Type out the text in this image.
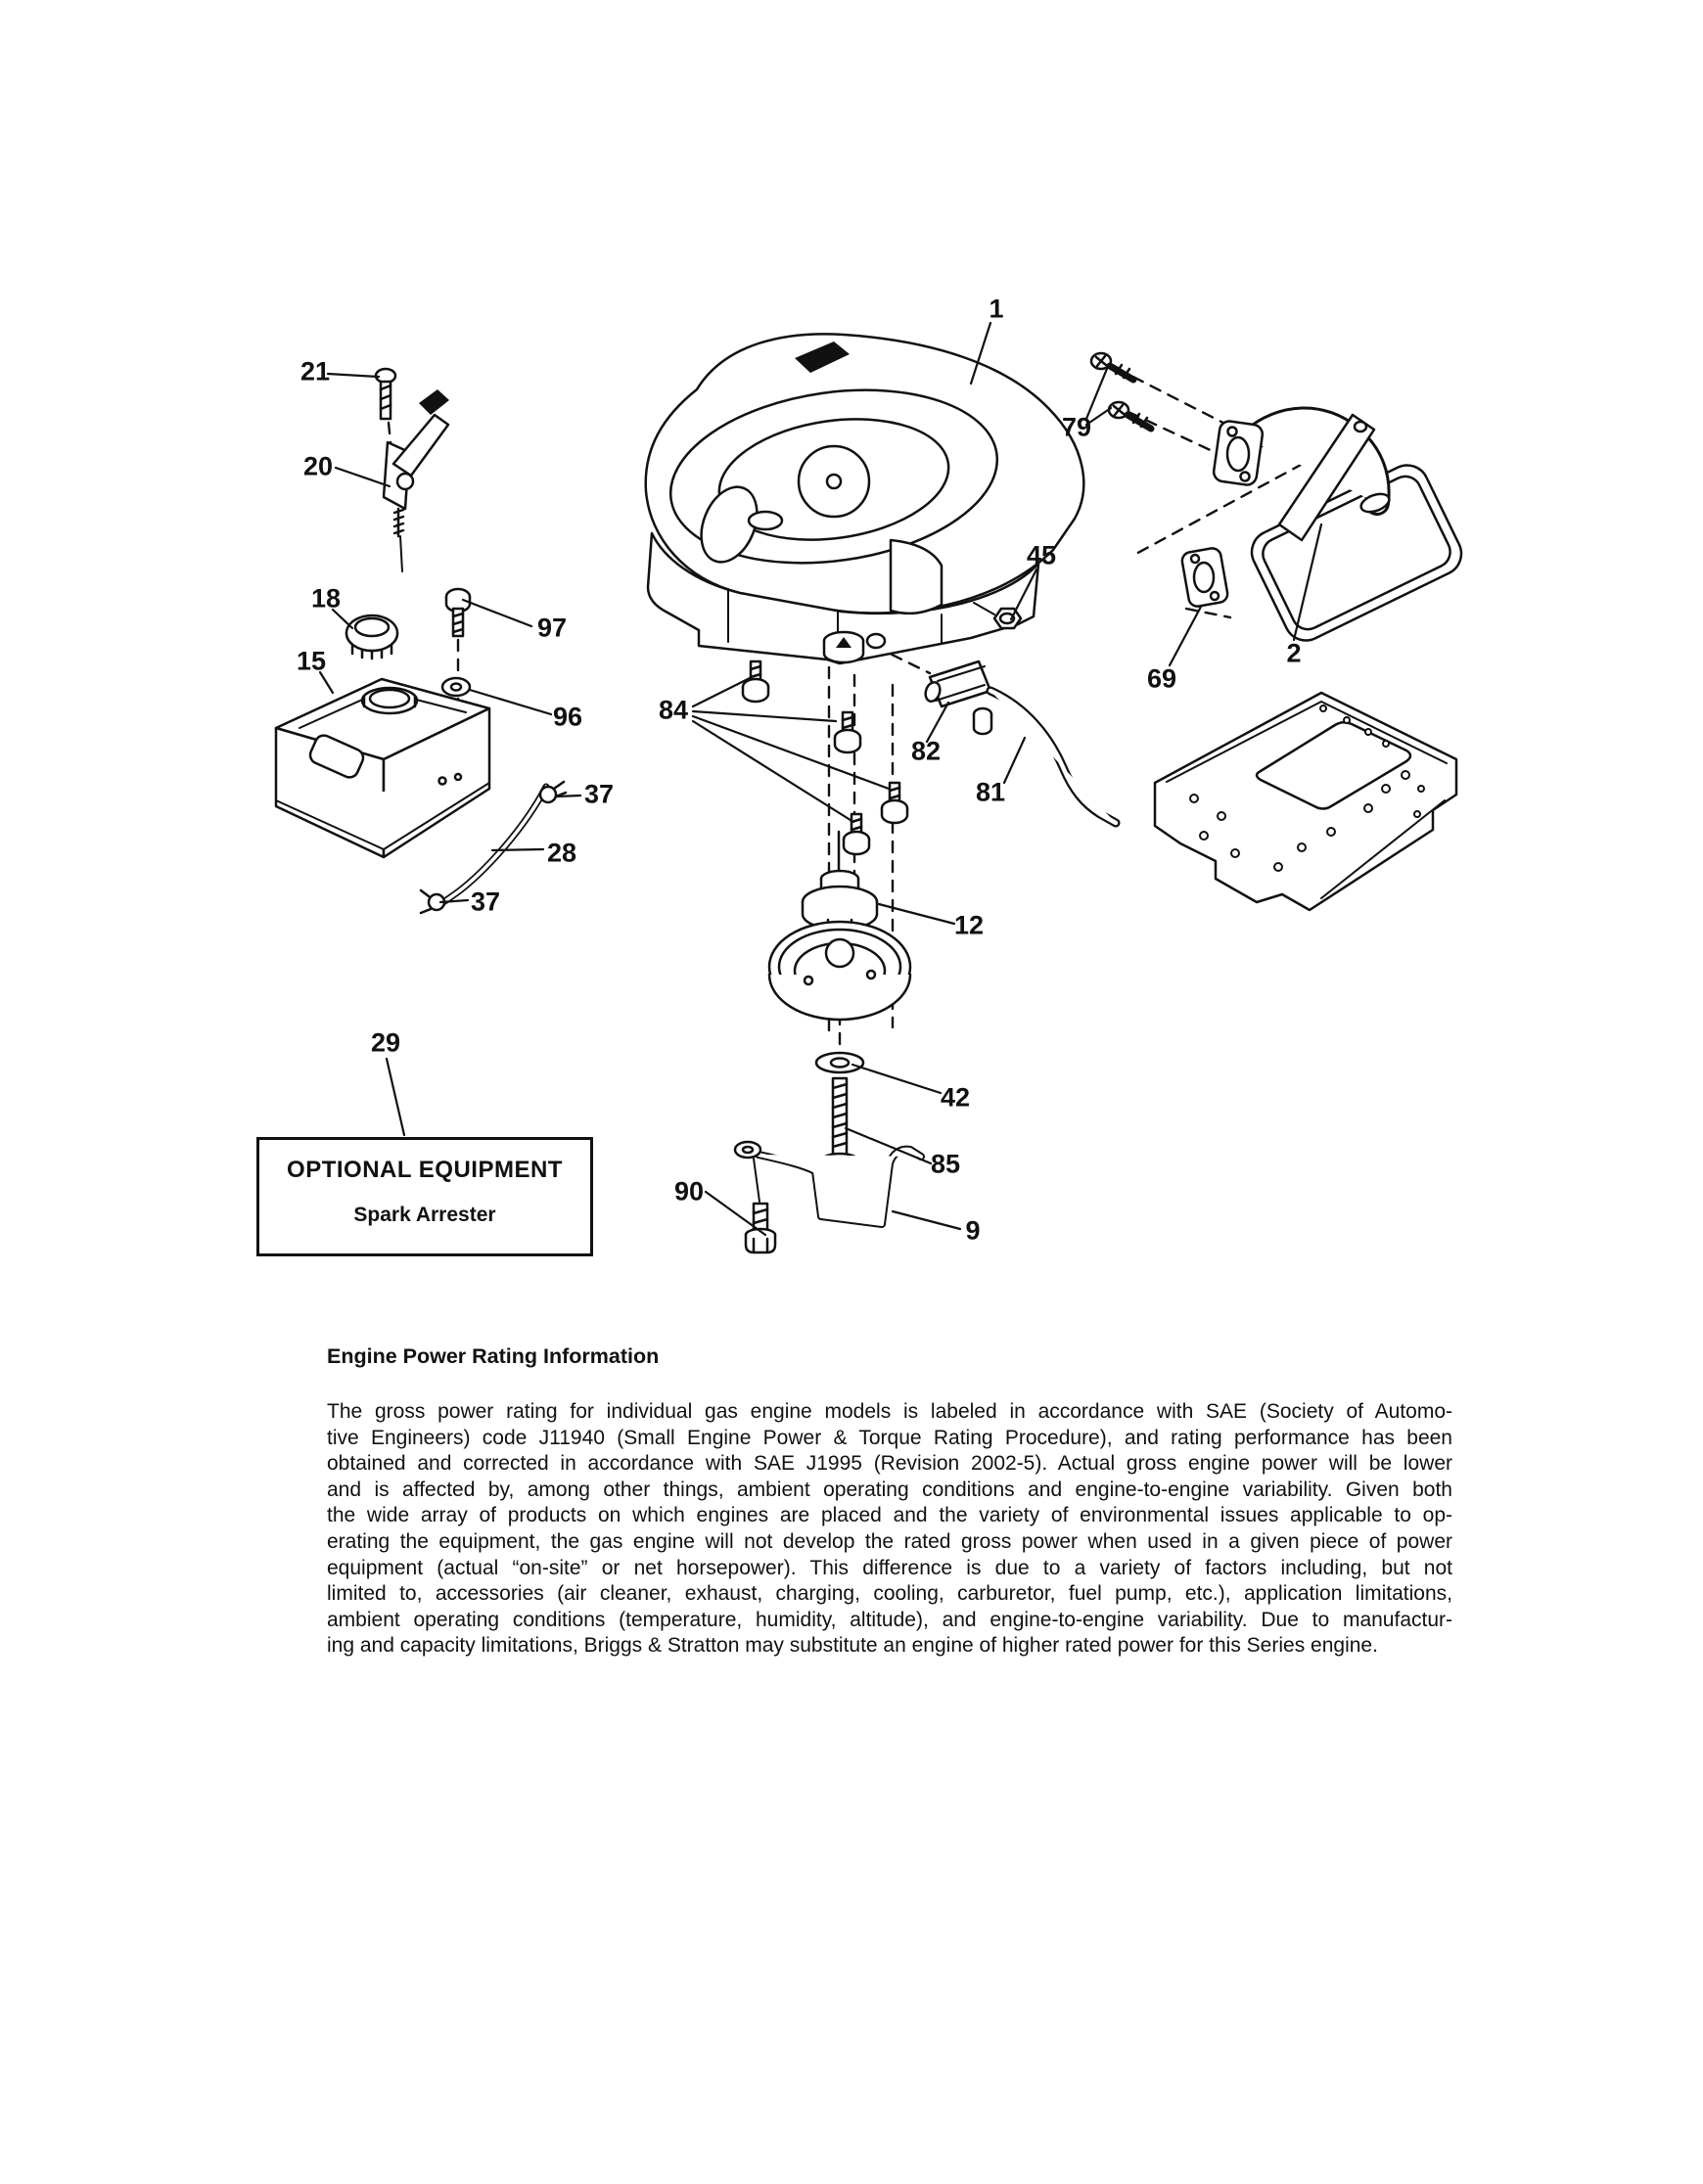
1
21
20
18
15
97
96
37
28
37
29
79
45
69
2
84
82
81
12
42
85
90
9
OPTIONAL EQUIPMENT
Spark Arrester
Engine Power Rating Information
The gross power rating for individual gas engine models is labeled in accordance with SAE (Society of Automo-
tive Engineers) code J11940 (Small Engine Power & Torque Rating Procedure), and rating performance has been
obtained and corrected in accordance with SAE J1995 (Revision 2002-5). Actual gross engine power will be lower
and is affected by, among other things, ambient operating conditions and engine-to-engine variability. Given both
the wide array of products on which engines are placed and the variety of environmental issues applicable to op-
erating the equipment, the gas engine will not develop the rated gross power when used in a given piece of power
equipment (actual “on-site” or net horsepower). This difference is due to a variety of factors including, but not
limited to, accessories (air cleaner, exhaust, charging, cooling, carburetor, fuel pump, etc.), application limitations,
ambient operating conditions (temperature, humidity, altitude), and engine-to-engine variability. Due to manufactur-
ing and capacity limitations, Briggs & Stratton may substitute an engine of higher rated power for this Series engine.
